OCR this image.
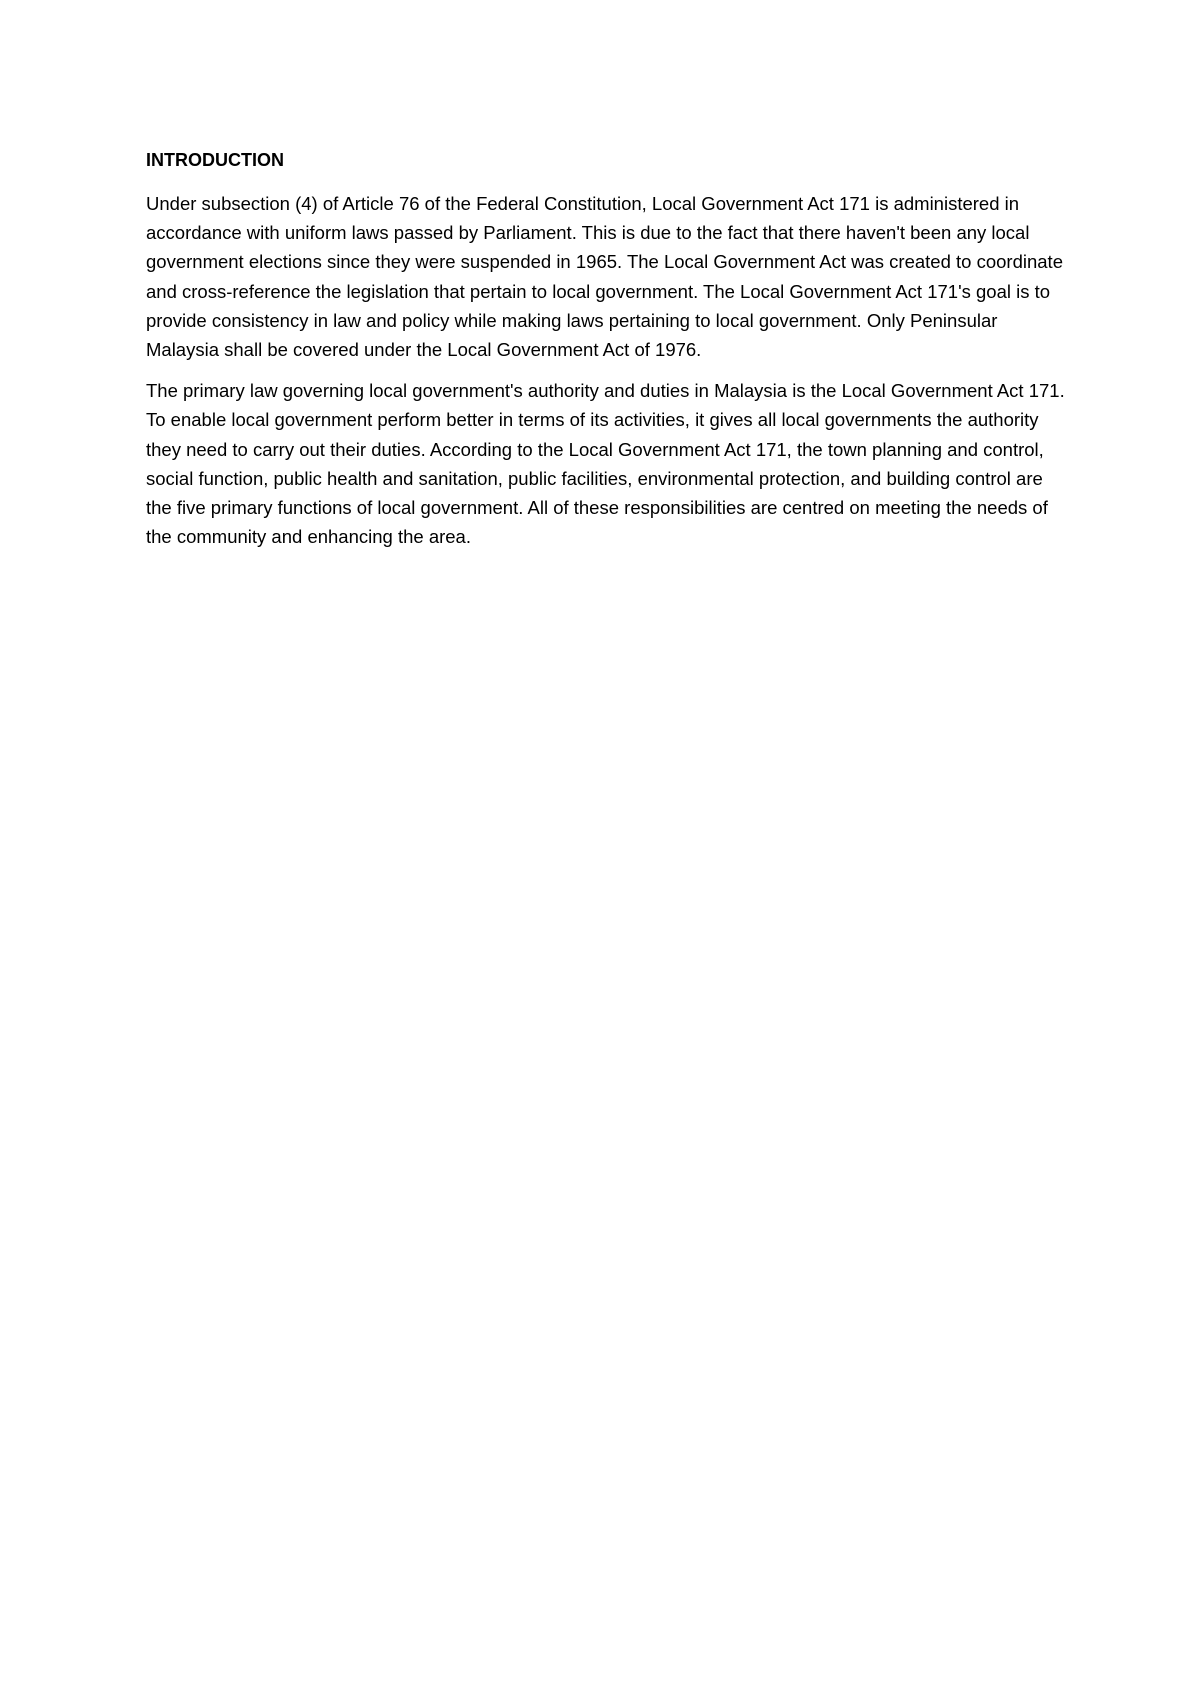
INTRODUCTION

Under subsection (4) of Article 76 of the Federal Constitution, Local Government Act 171 is administered in accordance with uniform laws passed by Parliament. This is due to the fact that there haven't been any local government elections since they were suspended in 1965. The Local Government Act was created to coordinate and cross-reference the legislation that pertain to local government. The Local Government Act 171's goal is to provide consistency in law and policy while making laws pertaining to local government. Only Peninsular Malaysia shall be covered under the Local Government Act of 1976.

The primary law governing local government's authority and duties in Malaysia is the Local Government Act 171. To enable local government perform better in terms of its activities, it gives all local governments the authority they need to carry out their duties. According to the Local Government Act 171, the town planning and control, social function, public health and sanitation, public facilities, environmental protection, and building control are the five primary functions of local government. All of these responsibilities are centred on meeting the needs of the community and enhancing the area.
